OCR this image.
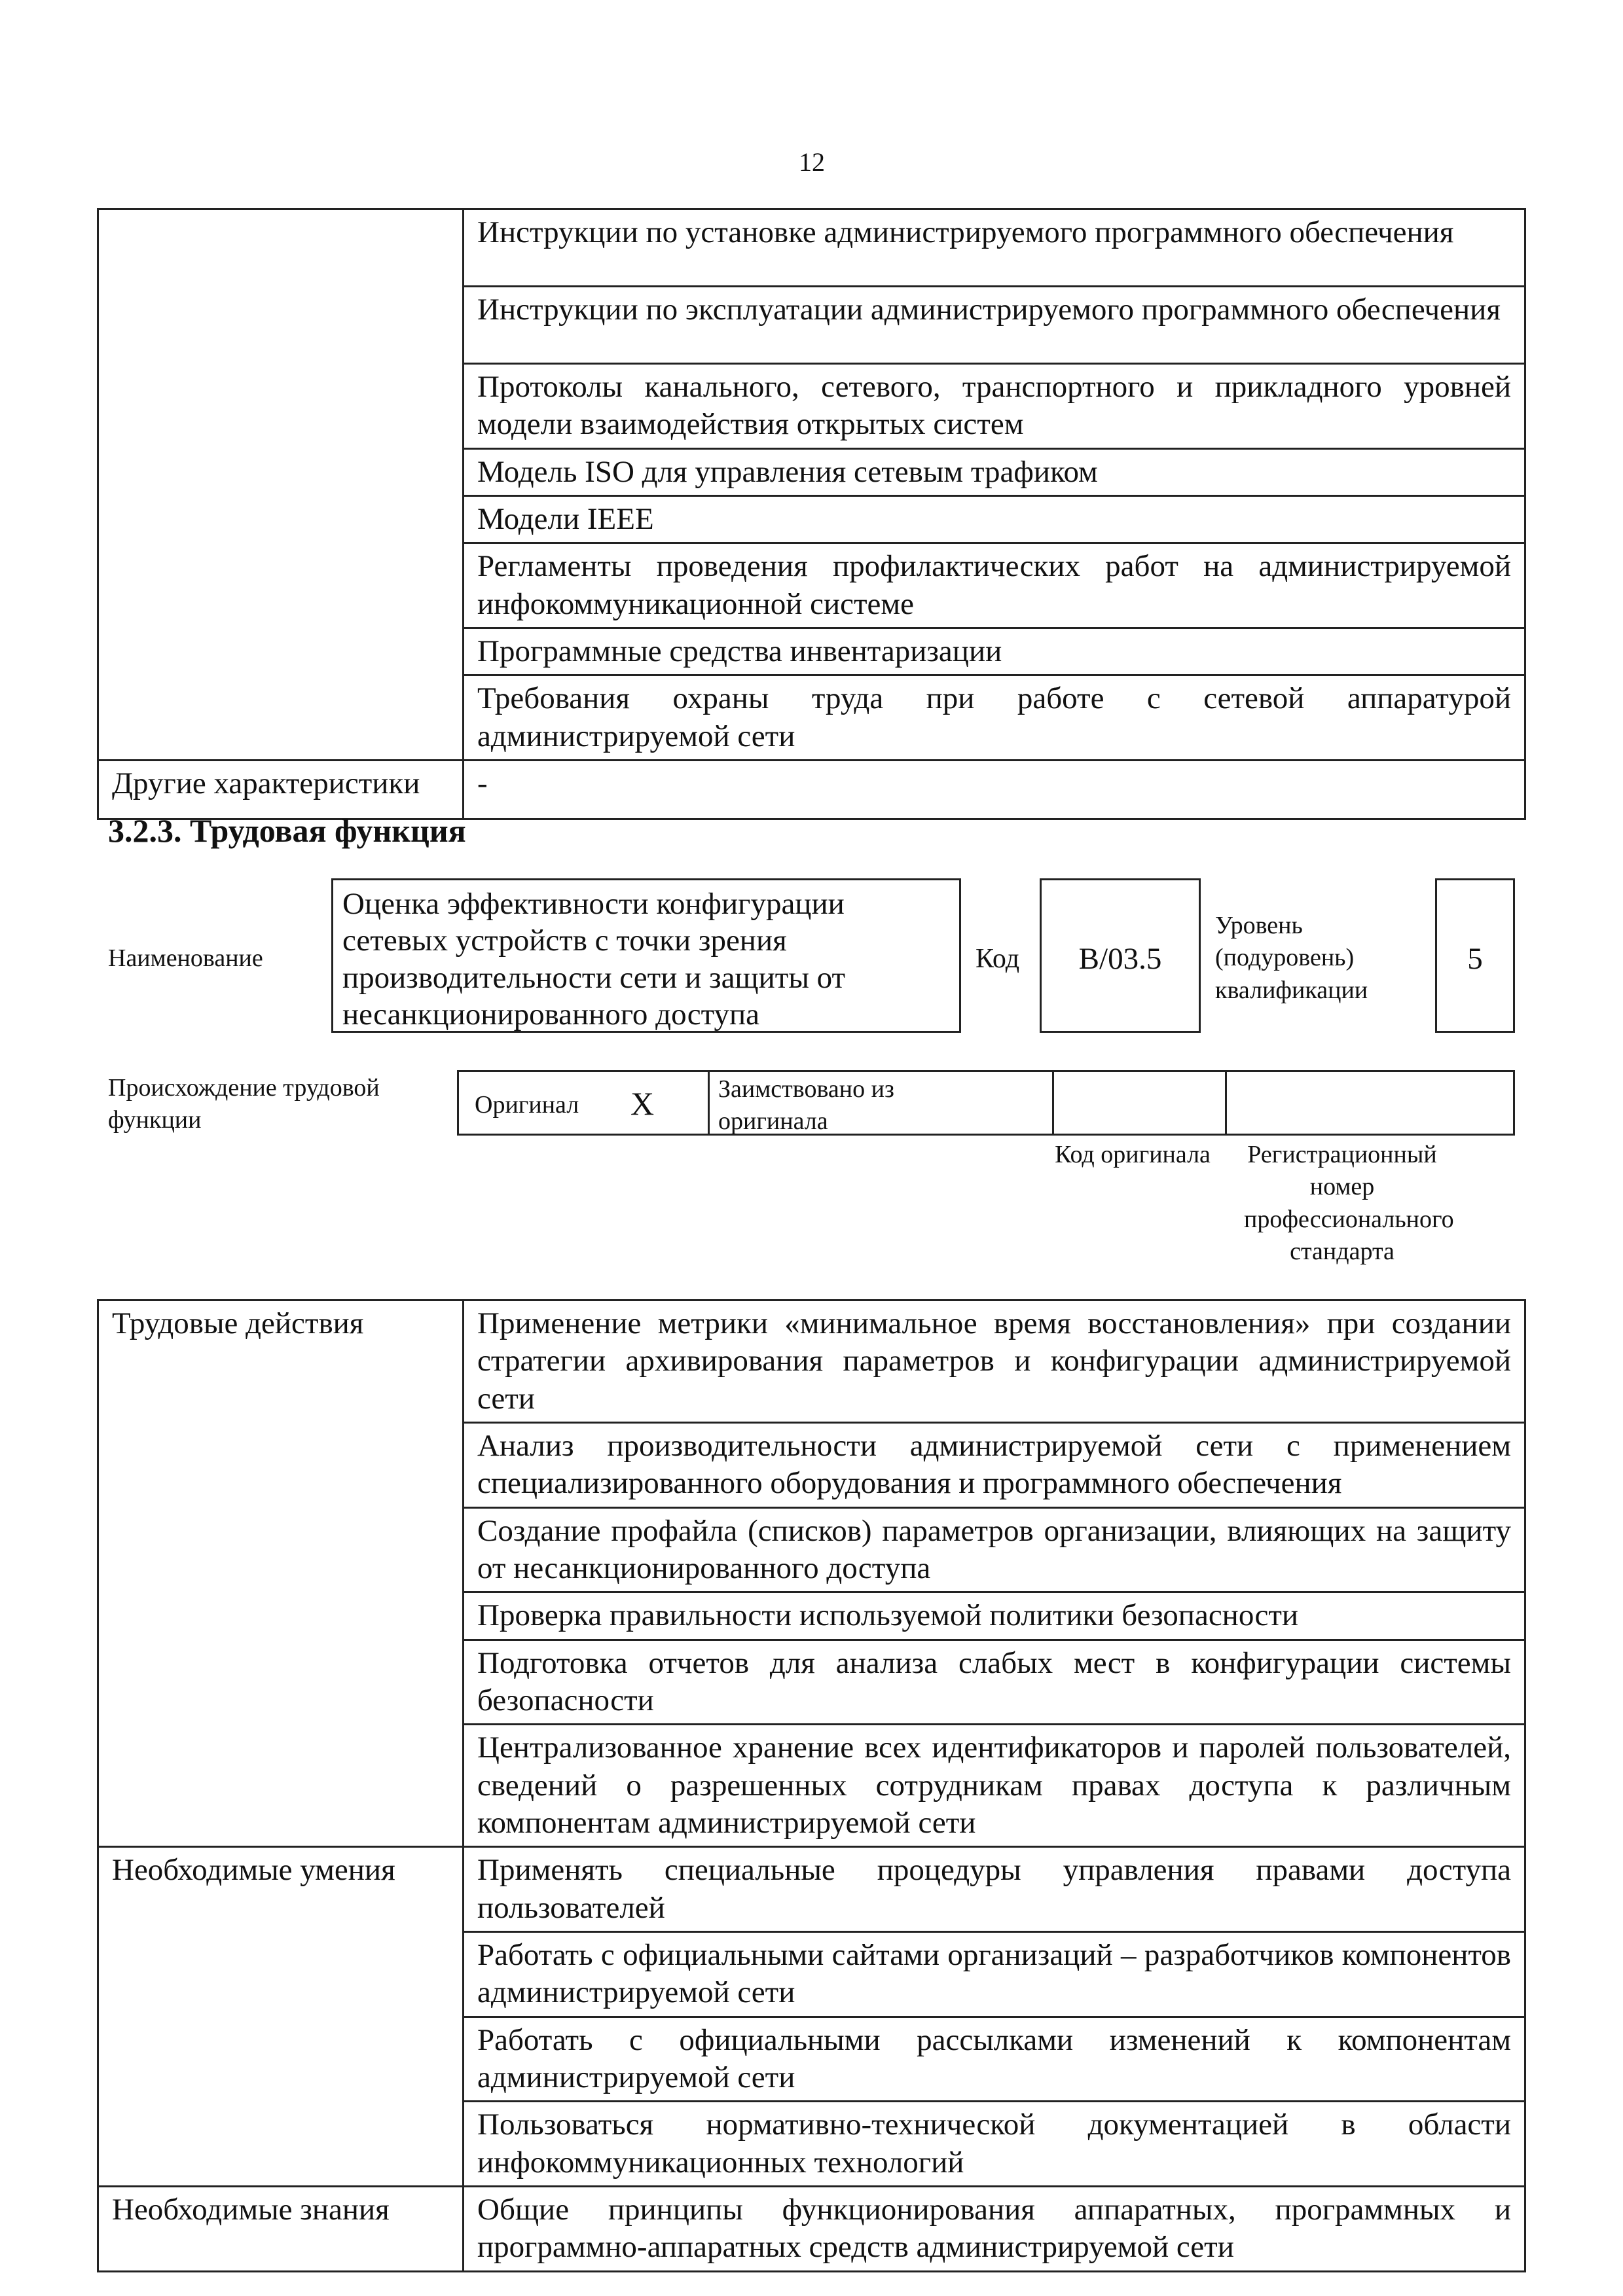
12
	Инструкции по установке администрируемого программного обеспечения
	Инструкции по эксплуатации администрируемого программного обеспечения
	Протоколы канального, сетевого, транспортного и прикладного уровней модели взаимодействия открытых систем
	Модель ISO для управления сетевым трафиком
	Модели IEEE
	Регламенты проведения профилактических работ на администрируемой инфокоммуникационной системе
	Программные средства инвентаризации
	Требования охраны труда при работе с сетевой аппаратурой администрируемой сети
Другие характеристики	-
3.2.3. Трудовая функция
Наименование
Оценка эффективности конфигурации сетевых устройств с точки зрения производительности сети и защиты от несанкционированного доступа
Код	B/03.5
Уровень (подуровень) квалификации
5
Происхождение трудовой функции
Оригинал X	Заимствовано из оригинала
Код оригинала Регистрационный номер профессионального стандарта
Трудовые действия	Применение метрики «минимальное время восстановления» при создании стратегии архивирования параметров и конфигурации администрируемой сети
	Анализ производительности администрируемой сети с применением специализированного оборудования и программного обеспечения
	Создание профайла (списков) параметров организации, влияющих на защиту от несанкционированного доступа
	Проверка правильности используемой политики безопасности
	Подготовка отчетов для анализа слабых мест в конфигурации системы безопасности
	Централизованное хранение всех идентификаторов и паролей пользователей, сведений о разрешенных сотрудникам правах доступа к различным компонентам администрируемой сети
Необходимые умения	Применять специальные процедуры управления правами доступа пользователей
	Работать с официальными сайтами организаций – разработчиков компонентов администрируемой сети
	Работать с официальными рассылками изменений к компонентам администрируемой сети
	Пользоваться нормативно-технической документацией в области инфокоммуникационных технологий
Необходимые знания	Общие принципы функционирования аппаратных, программных и программно-аппаратных средств администрируемой сети
